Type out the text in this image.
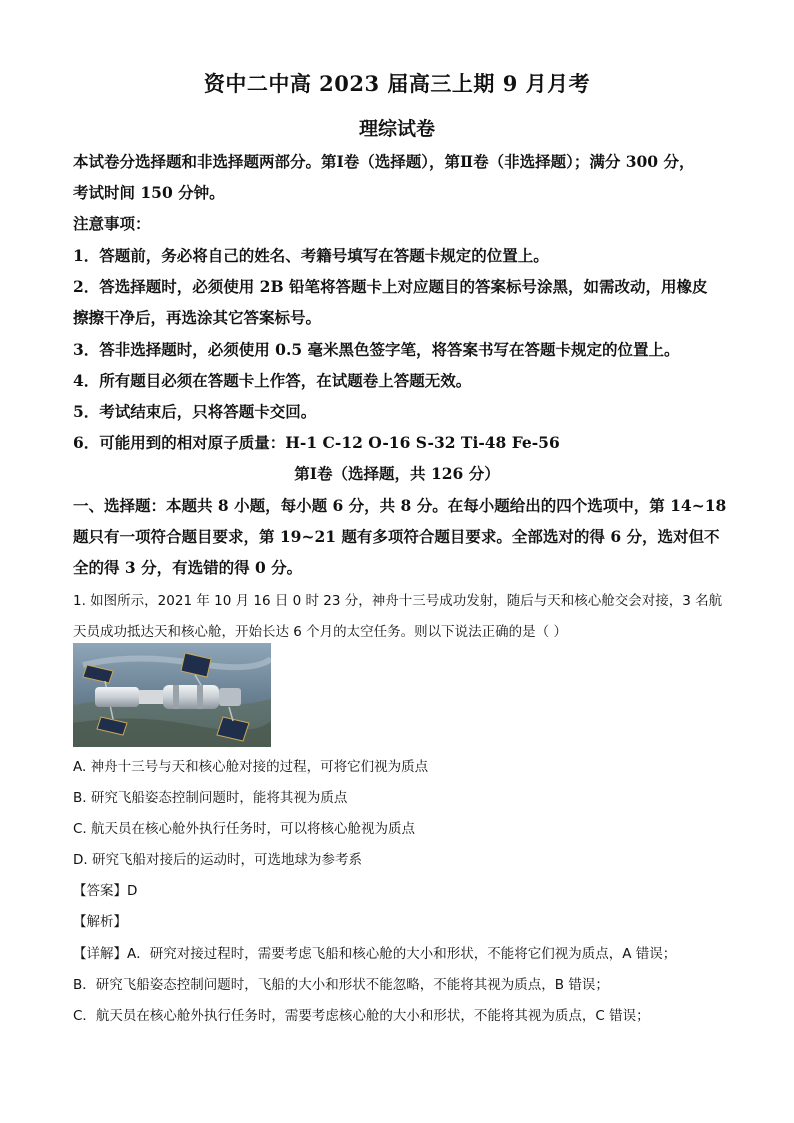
资中二中高 2023 届高三上期 9 月月考
理综试卷
本试卷分选择题和非选择题两部分。第Ⅰ卷（选择题），第Ⅱ卷（非选择题）；满分 300 分，
考试时间 150 分钟。
注意事项：
1．答题前，务必将自己的姓名、考籍号填写在答题卡规定的位置上。
2．答选择题时，必须使用 2B 铅笔将答题卡上对应题目的答案标号涂黑，如需改动，用橡皮
擦擦干净后，再选涂其它答案标号。
3．答非选择题时，必须使用 0.5 毫米黑色签字笔，将答案书写在答题卡规定的位置上。
4．所有题目必须在答题卡上作答，在试题卷上答题无效。
5．考试结束后，只将答题卡交回。
6．可能用到的相对原子质量：H-1 C-12 O-16 S-32 Ti-48 Fe-56
第Ⅰ卷（选择题，共 126 分）
一、选择题：本题共 8 小题，每小题 6 分，共 8 分。在每小题给出的四个选项中，第 14~18
题只有一项符合题目要求，第 19~21 题有多项符合题目要求。全部选对的得 6 分，选对但不
全的得 3 分，有选错的得 0 分。
1. 如图所示，2021 年 10 月 16 日 0 时 23 分，神舟十三号成功发射，随后与天和核心舱交会对接，3 名航
天员成功抵达天和核心舱，开始长达 6 个月的太空任务。则以下说法正确的是（ ）
A. 神舟十三号与天和核心舱对接的过程，可将它们视为质点
B. 研究飞船姿态控制问题时，能将其视为质点
C. 航天员在核心舱外执行任务时，可以将核心舱视为质点
D. 研究飞船对接后的运动时，可选地球为参考系
【答案】D
【解析】
【详解】A．研究对接过程时，需要考虑飞船和核心舱的大小和形状，不能将它们视为质点，A 错误；
B．研究飞船姿态控制问题时，飞船的大小和形状不能忽略，不能将其视为质点，B 错误；
C．航天员在核心舱外执行任务时，需要考虑核心舱的大小和形状，不能将其视为质点，C 错误；
